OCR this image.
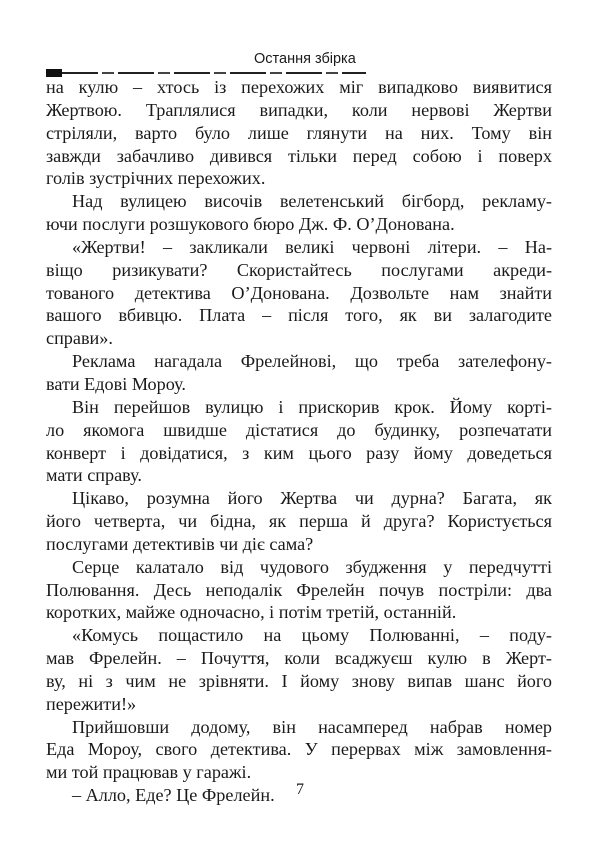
Остання збірка
на кулю – хтось із перехожих міг випадково виявитися
Жертвою. Траплялися випадки, коли нервові Жертви
стріляли, варто було лише глянути на них. Тому він
завжди забачливо дивився тільки перед собою і поверх
голів зустрічних перехожих.
Над вулицею височів велетенський бігборд, рекламу-
ючи послуги розшукового бюро Дж. Ф. О’Донована.
«Жертви! – закликали великі червоні літери. – На-
віщо ризикувати? Скористайтесь послугами акреди-
тованого детектива О’Донована. Дозвольте нам знайти
вашого вбивцю. Плата – після того, як ви залагодите
справи».
Реклама нагадала Фрелейнові, що треба зателефону-
вати Едові Мороу.
Він перейшов вулицю і прискорив крок. Йому корті-
ло якомога швидше дістатися до будинку, розпечатати
конверт і довідатися, з ким цього разу йому доведеться
мати справу.
Цікаво, розумна його Жертва чи дурна? Багата, як
його четверта, чи бідна, як перша й друга? Користується
послугами детективів чи діє сама?
Серце калатало від чудового збудження у передчутті
Полювання. Десь неподалік Фрелейн почув постріли: два
коротких, майже одночасно, і потім третій, останній.
«Комусь пощастило на цьому Полюванні, – поду-
мав Фрелейн. – Почуття, коли всаджуєш кулю в Жерт-
ву, ні з чим не зрівняти. І йому знову випав шанс його
пережити!»
Прийшовши додому, він насамперед набрав номер
Еда Мороу, свого детектива. У перервах між замовлення-
ми той працював у гаражі.
– Алло, Еде? Це Фрелейн.	7
